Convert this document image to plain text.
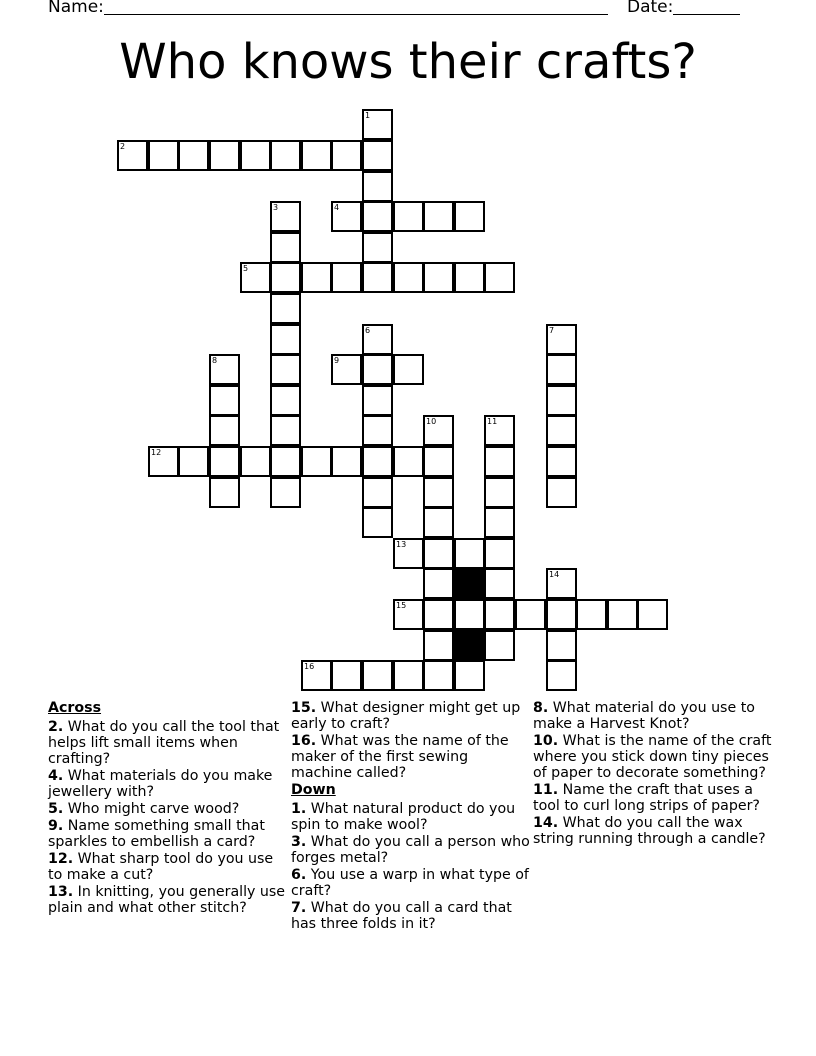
Name:	Date:
Who knows their crafts?
1
2
3	4
5
6	7
8	9
10	11
12
13
14
15
16
Across
2. What do you call the tool that helps lift small items when crafting?
4. What materials do you make jewellery with?
5. Who might carve wood?
9. Name something small that sparkles to embellish a card?
12. What sharp tool do you use to make a cut?
13. In knitting, you generally use plain and what other stitch?
15. What designer might get up early to craft?
16. What was the name of the maker of the first sewing machine called?
Down
1. What natural product do you spin to make wool?
3. What do you call a person who forges metal?
6. You use a warp in what type of craft?
7. What do you call a card that has three folds in it?
8. What material do you use to make a Harvest Knot?
10. What is the name of the craft where you stick down tiny pieces of paper to decorate something?
11. Name the craft that uses a tool to curl long strips of paper?
14. What do you call the wax string running through a candle?
